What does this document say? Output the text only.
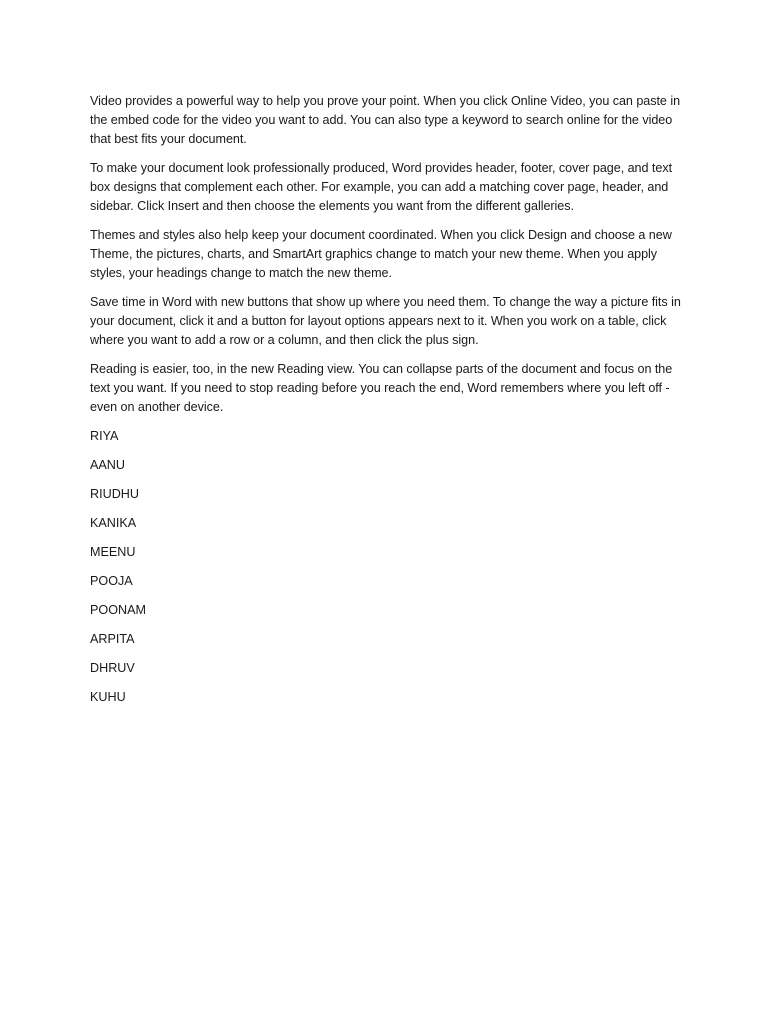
Video provides a powerful way to help you prove your point. When you click Online Video, you can paste in the embed code for the video you want to add. You can also type a keyword to search online for the video that best fits your document.

To make your document look professionally produced, Word provides header, footer, cover page, and text box designs that complement each other. For example, you can add a matching cover page, header, and sidebar. Click Insert and then choose the elements you want from the different galleries.

Themes and styles also help keep your document coordinated. When you click Design and choose a new Theme, the pictures, charts, and SmartArt graphics change to match your new theme. When you apply styles, your headings change to match the new theme.

Save time in Word with new buttons that show up where you need them. To change the way a picture fits in your document, click it and a button for layout options appears next to it. When you work on a table, click where you want to add a row or a column, and then click the plus sign.

Reading is easier, too, in the new Reading view. You can collapse parts of the document and focus on the text you want. If you need to stop reading before you reach the end, Word remembers where you left off - even on another device.

RIYA
AANU
RIUDHU
KANIKA
MEENU
POOJA
POONAM
ARPITA
DHRUV
KUHU
